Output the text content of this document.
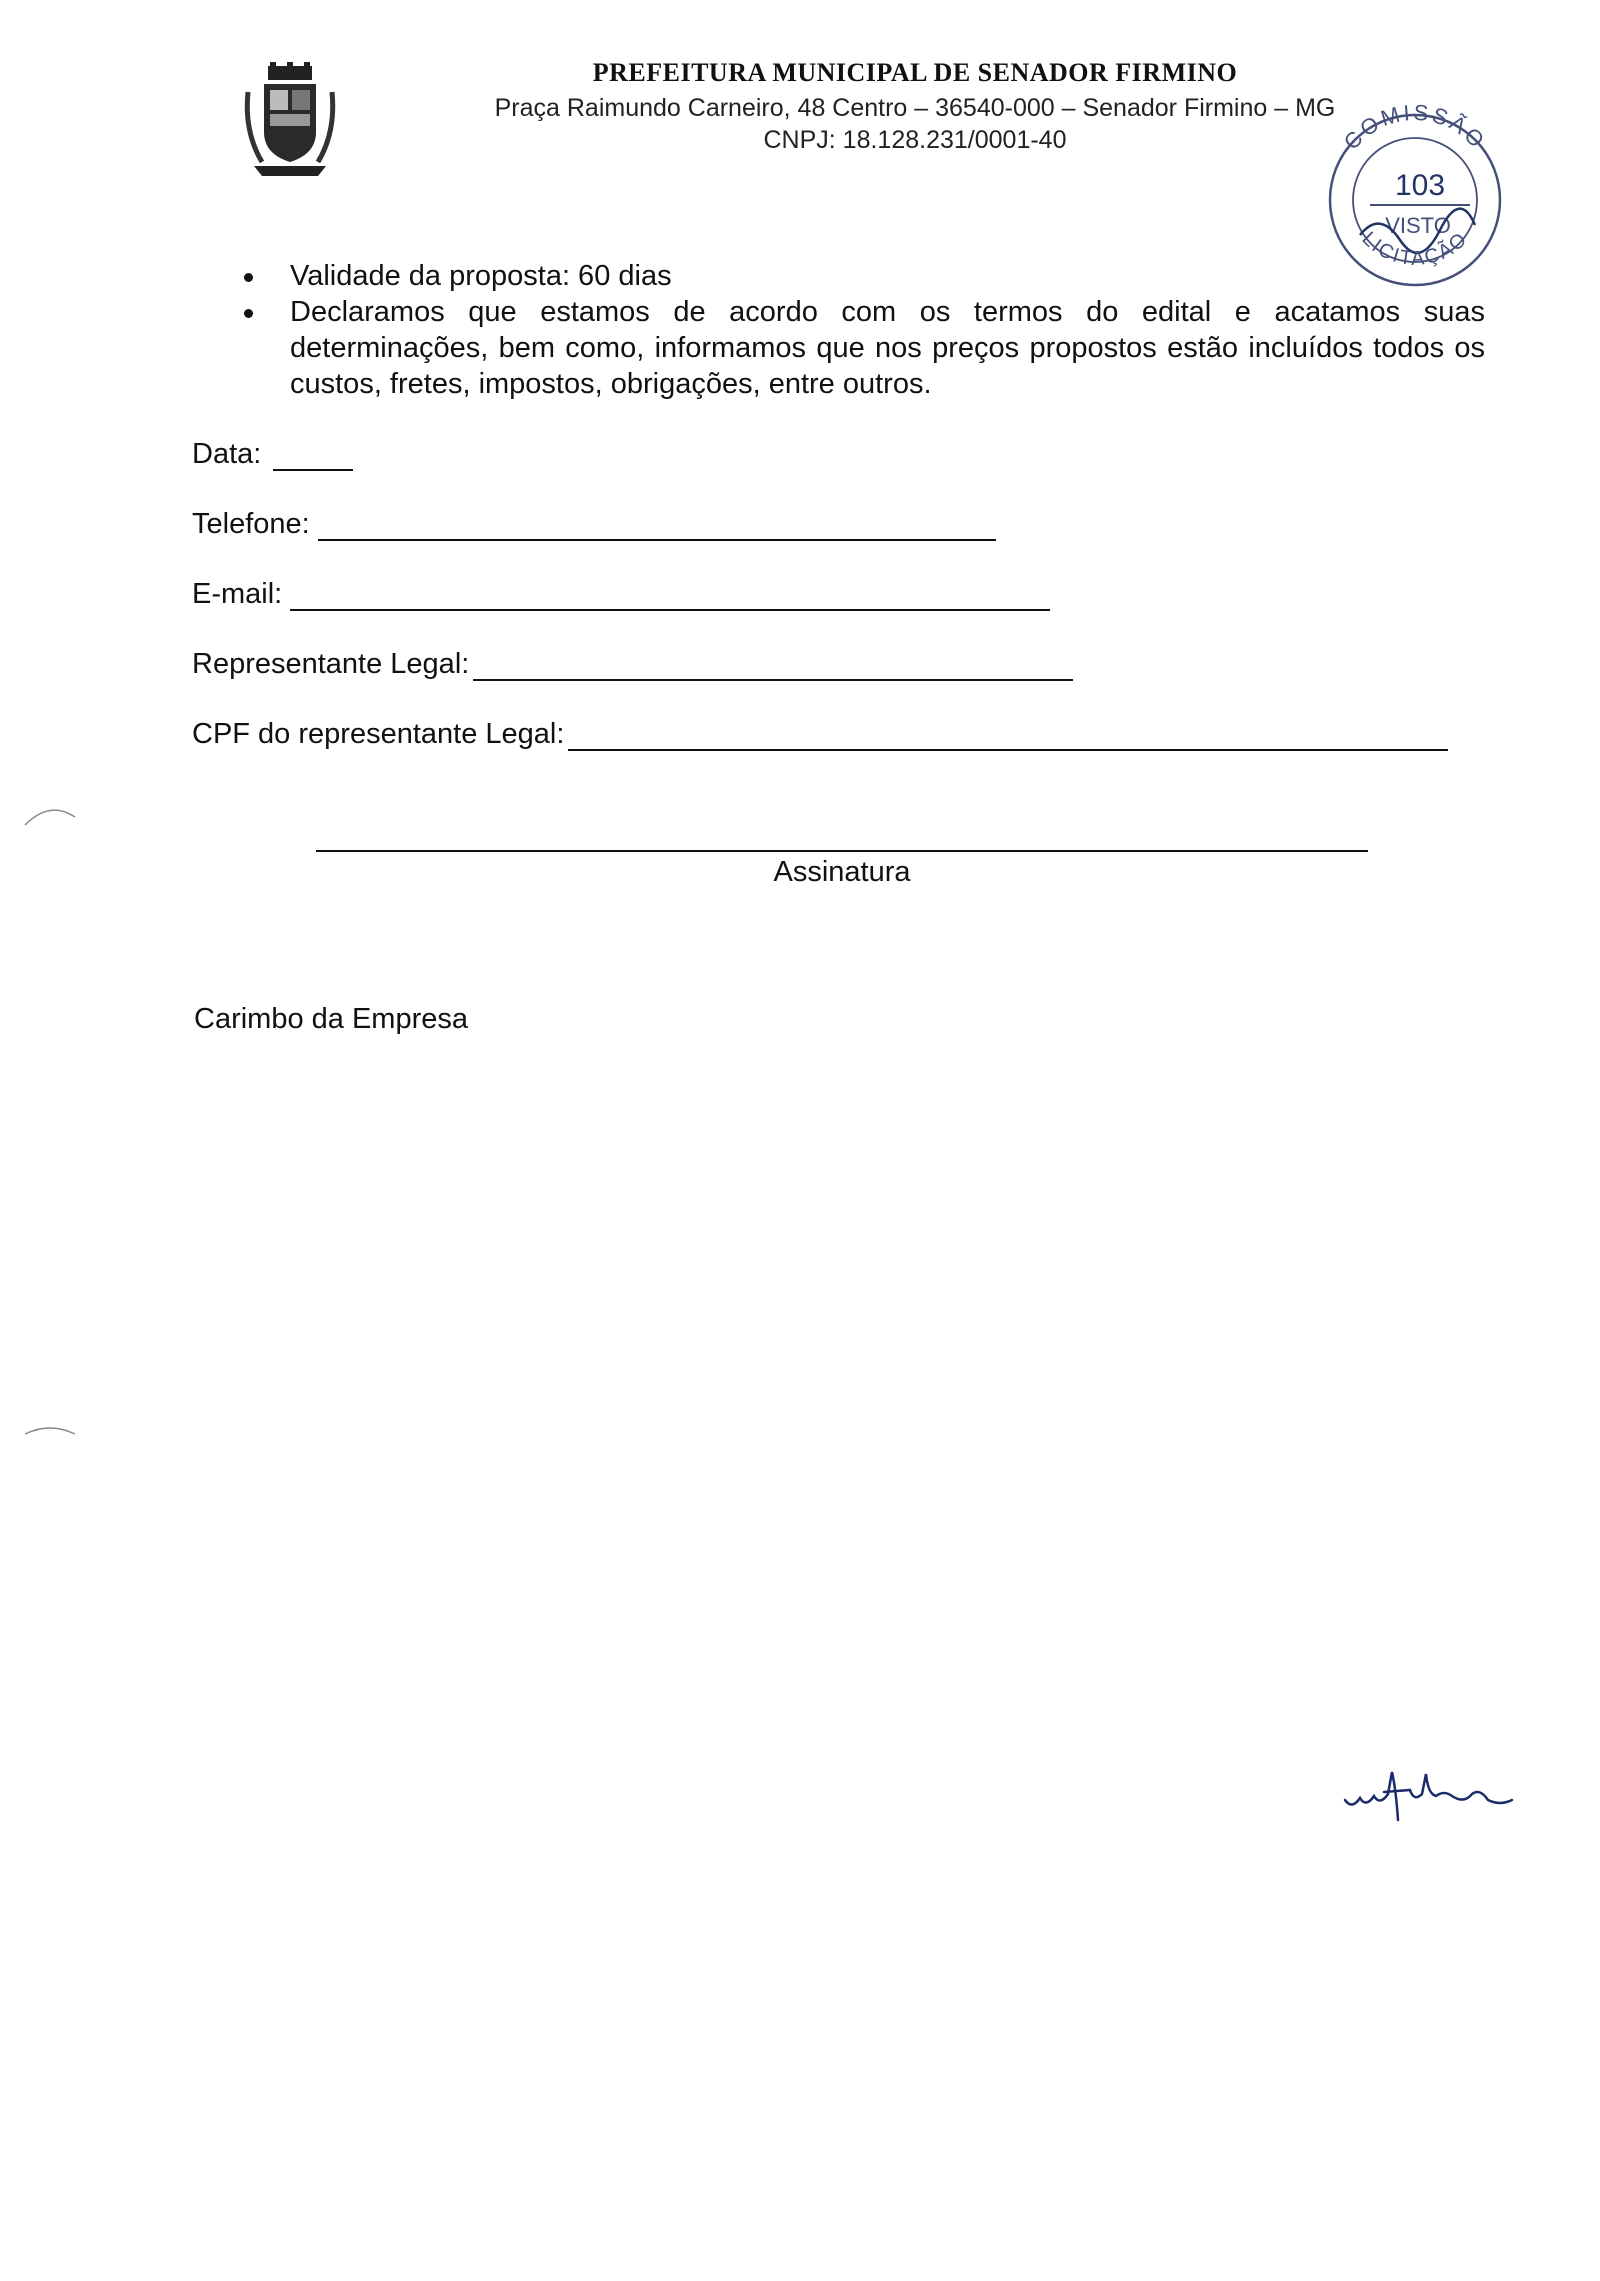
PREFEITURA MUNICIPAL DE SENADOR FIRMINO
Praça Raimundo Carneiro, 48 Centro – 36540-000 – Senador Firmino – MG
CNPJ: 18.128.231/0001-40	COMISSÃO
103
VISTO
LICITAÇÃO
Validade da proposta: 60 dias
Declaramos que estamos de acordo com os termos do edital e acatamos suas determinações, bem como, informamos que nos preços propostos estão incluídos todos os custos, fretes, impostos, obrigações, entre outros.
Data:
Telefone:
E-mail:
Representante Legal:
CPF do representante Legal:
Assinatura
Carimbo da Empresa
